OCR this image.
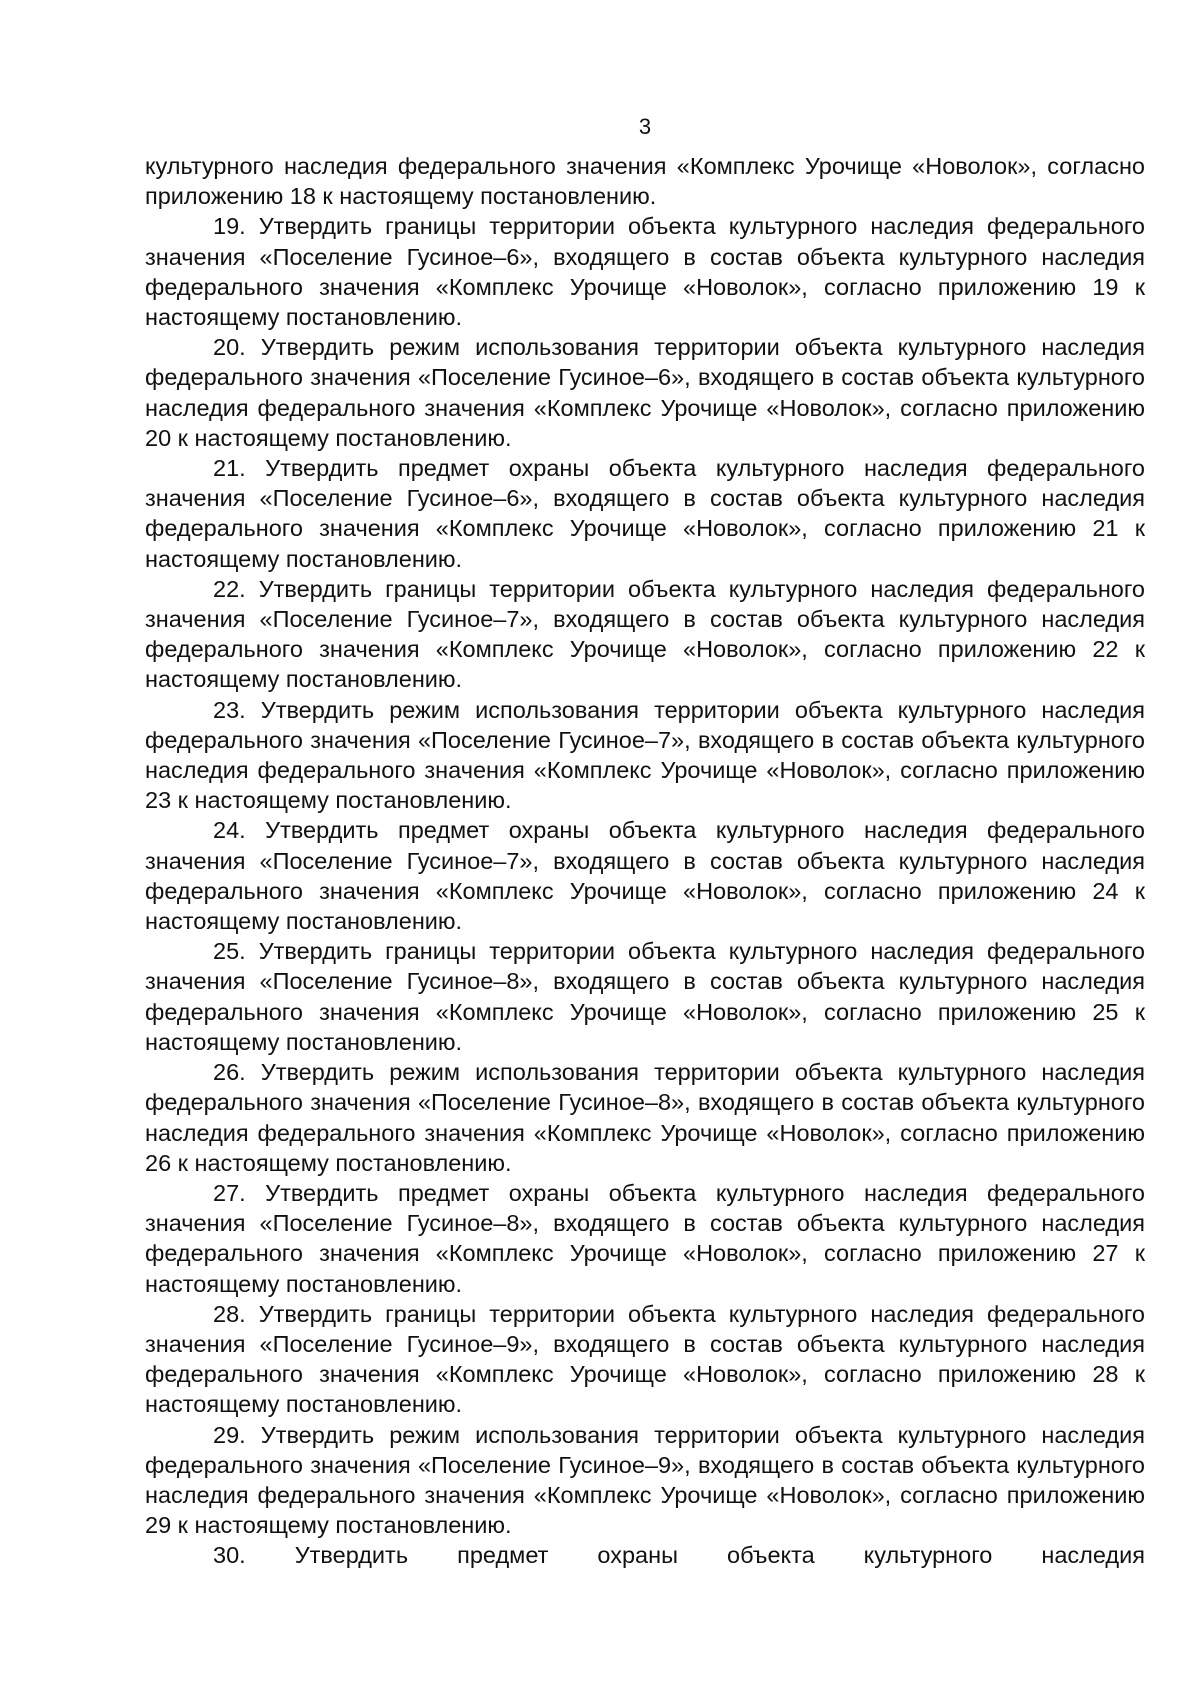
3

культурного наследия федерального значения «Комплекс Урочище «Новолок», согласно приложению 18 к настоящему постановлению.

19. Утвердить границы территории объекта культурного наследия федерального значения «Поселение Гусиное–6», входящего в состав объекта культурного наследия федерального значения «Комплекс Урочище «Новолок», согласно приложению 19 к настоящему постановлению.

20. Утвердить режим использования территории объекта культурного наследия федерального значения «Поселение Гусиное–6», входящего в состав объекта культурного наследия федерального значения «Комплекс Урочище «Новолок», согласно приложению 20 к настоящему постановлению.

21. Утвердить предмет охраны объекта культурного наследия федерального значения «Поселение Гусиное–6», входящего в состав объекта культурного наследия федерального значения «Комплекс Урочище «Новолок», согласно приложению 21 к настоящему постановлению.

22. Утвердить границы территории объекта культурного наследия федерального значения «Поселение Гусиное–7», входящего в состав объекта культурного наследия федерального значения «Комплекс Урочище «Новолок», согласно приложению 22 к настоящему постановлению.

23. Утвердить режим использования территории объекта культурного наследия федерального значения «Поселение Гусиное–7», входящего в состав объекта культурного наследия федерального значения «Комплекс Урочище «Новолок», согласно приложению 23 к настоящему постановлению.

24. Утвердить предмет охраны объекта культурного наследия федерального значения «Поселение Гусиное–7», входящего в состав объекта культурного наследия федерального значения «Комплекс Урочище «Новолок», согласно приложению 24 к настоящему постановлению.

25. Утвердить границы территории объекта культурного наследия федерального значения «Поселение Гусиное–8», входящего в состав объекта культурного наследия федерального значения «Комплекс Урочище «Новолок», согласно приложению 25 к настоящему постановлению.

26. Утвердить режим использования территории объекта культурного наследия федерального значения «Поселение Гусиное–8», входящего в состав объекта культурного наследия федерального значения «Комплекс Урочище «Новолок», согласно приложению 26 к настоящему постановлению.

27. Утвердить предмет охраны объекта культурного наследия федерального значения «Поселение Гусиное–8», входящего в состав объекта культурного наследия федерального значения «Комплекс Урочище «Новолок», согласно приложению 27 к настоящему постановлению.

28. Утвердить границы территории объекта культурного наследия федерального значения «Поселение Гусиное–9», входящего в состав объекта культурного наследия федерального значения «Комплекс Урочище «Новолок», согласно приложению 28 к настоящему постановлению.

29. Утвердить режим использования территории объекта культурного наследия федерального значения «Поселение Гусиное–9», входящего в состав объекта культурного наследия федерального значения «Комплекс Урочище «Новолок», согласно приложению 29 к настоящему постановлению.

30. Утвердить предмет охраны объекта культурного наследия
